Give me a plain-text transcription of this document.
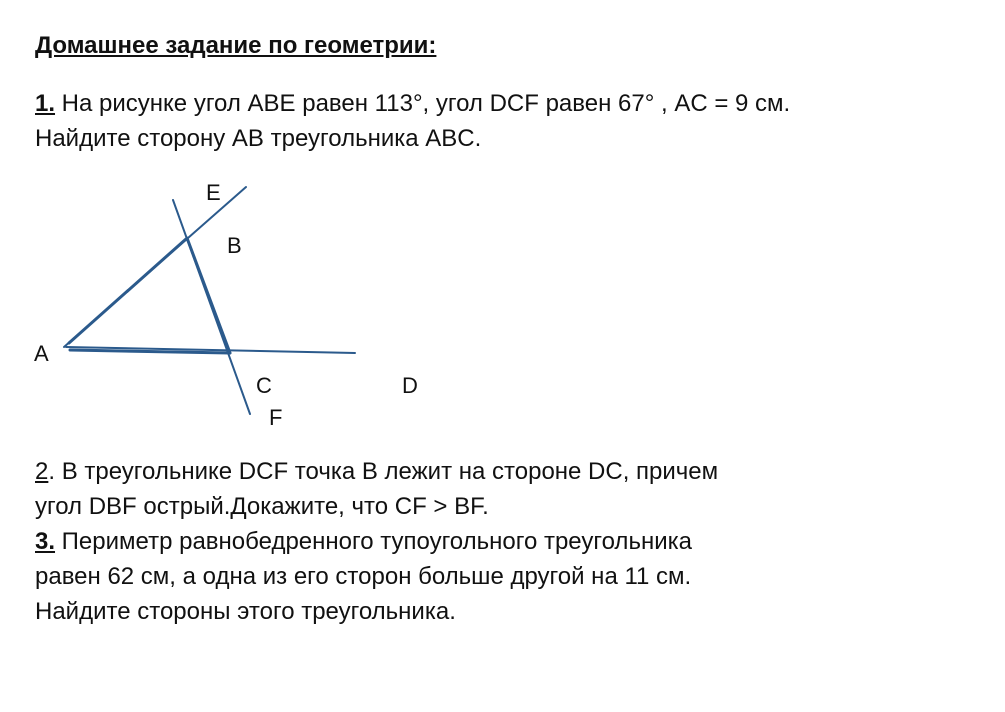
Домашнее задание по геометрии:
1. На рисунке угол ABE равен 113°, угол DCF равен 67° , AC = 9 см.
Найдите сторону AB треугольника ABC.
E
B
A
C	D
F
2. В треугольнике DCF точка B лежит на стороне DC, причем
угол DBF острый.Докажите, что CF > BF.
3. Периметр равнобедренного тупоугольного треугольника
равен 62 см, а одна из его сторон больше другой на 11 см.
Найдите стороны этого треугольника.
